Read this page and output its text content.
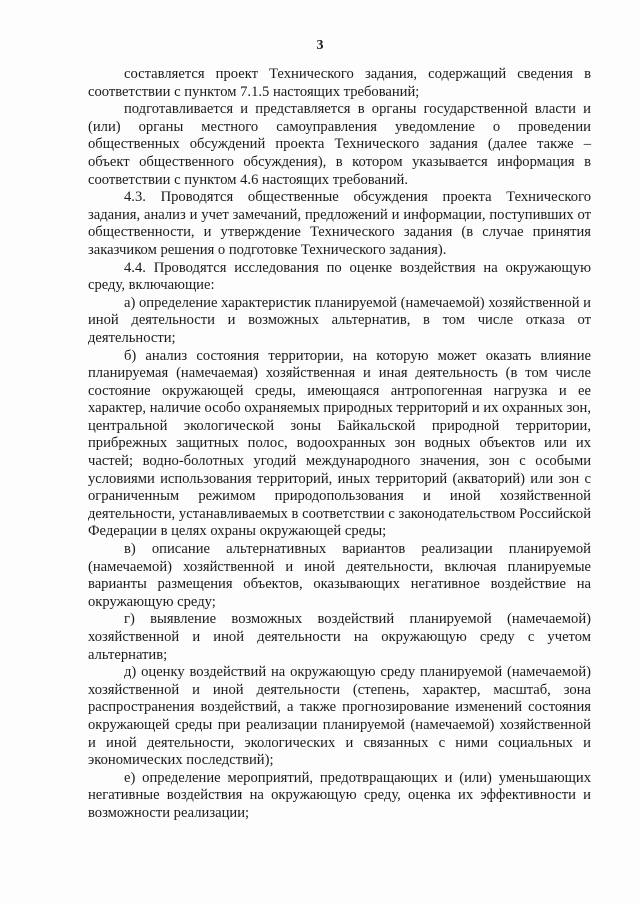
3

составляется проект Технического задания, содержащий сведения в соответствии с пунктом 7.1.5 настоящих требований;

подготавливается и представляется в органы государственной власти и (или) органы местного самоуправления уведомление о проведении общественных обсуждений проекта Технического задания (далее также – объект общественного обсуждения), в котором указывается информация в соответствии с пунктом 4.6 настоящих требований.

4.3. Проводятся общественные обсуждения проекта Технического задания, анализ и учет замечаний, предложений и информации, поступивших от общественности, и утверждение Технического задания (в случае принятия заказчиком решения о подготовке Технического задания).

4.4. Проводятся исследования по оценке воздействия на окружающую среду, включающие:

а) определение характеристик планируемой (намечаемой) хозяйственной и иной деятельности и возможных альтернатив, в том числе отказа от деятельности;

б) анализ состояния территории, на которую может оказать влияние планируемая (намечаемая) хозяйственная и иная деятельность (в том числе состояние окружающей среды, имеющаяся антропогенная нагрузка и ее характер, наличие особо охраняемых природных территорий и их охранных зон, центральной экологической зоны Байкальской природной территории, прибрежных защитных полос, водоохранных зон водных объектов или их частей; водно-болотных угодий международного значения, зон с особыми условиями использования территорий, иных территорий (акваторий) или зон с ограниченным режимом природопользования и иной хозяйственной деятельности, устанавливаемых в соответствии с законодательством Российской Федерации в целях охраны окружающей среды;

в) описание альтернативных вариантов реализации планируемой (намечаемой) хозяйственной и иной деятельности, включая планируемые варианты размещения объектов, оказывающих негативное воздействие на окружающую среду;

г) выявление возможных воздействий планируемой (намечаемой) хозяйственной и иной деятельности на окружающую среду с учетом альтернатив;

д) оценку воздействий на окружающую среду планируемой (намечаемой) хозяйственной и иной деятельности (степень, характер, масштаб, зона распространения воздействий, а также прогнозирование изменений состояния окружающей среды при реализации планируемой (намечаемой) хозяйственной и иной деятельности, экологических и связанных с ними социальных и экономических последствий);

е) определение мероприятий, предотвращающих и (или) уменьшающих негативные воздействия на окружающую среду, оценка их эффективности и возможности реализации;
